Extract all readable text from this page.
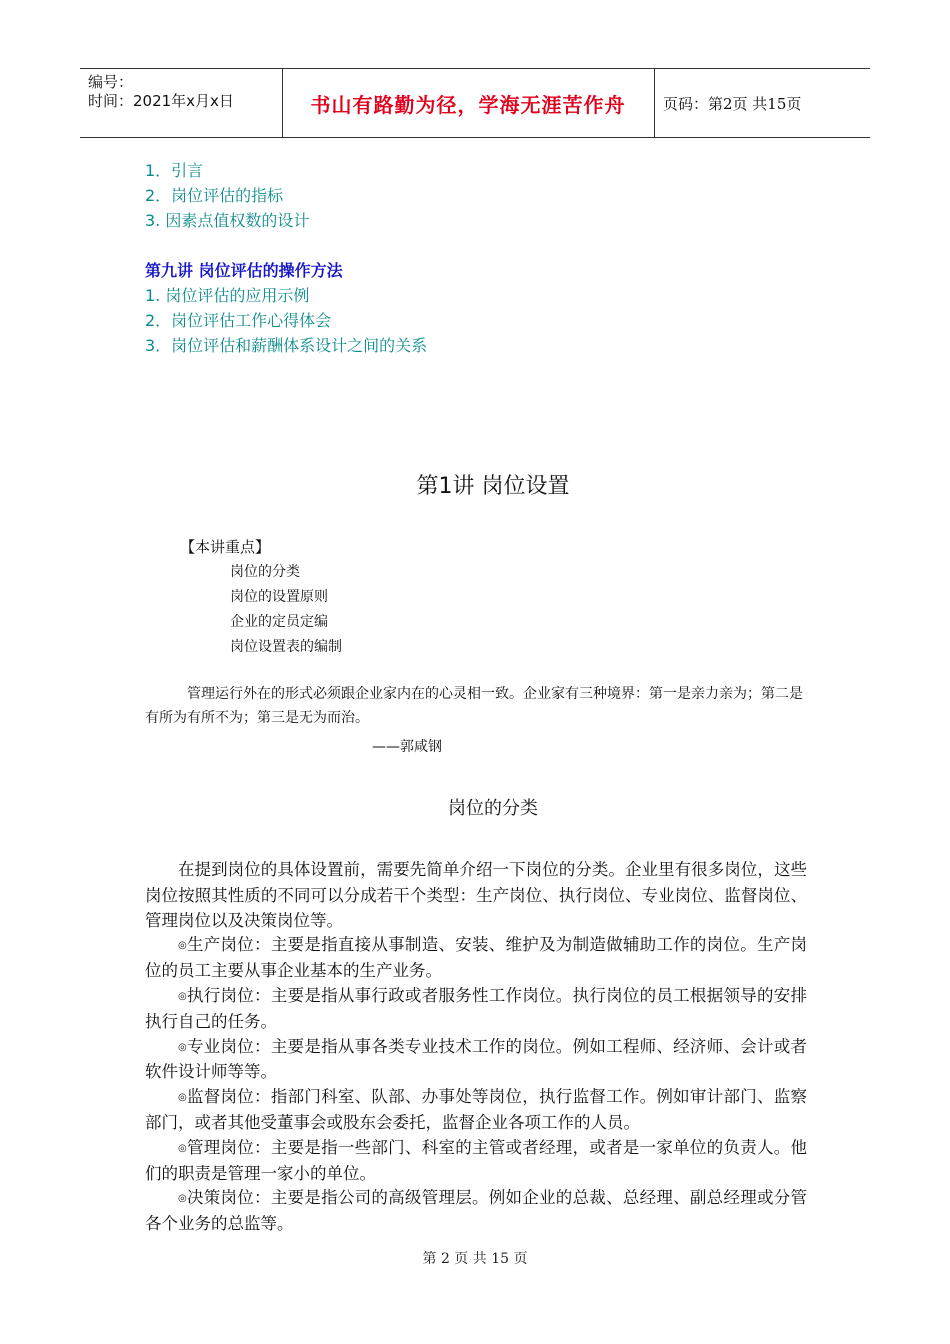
编号：
时间：2021年x月x日	书山有路勤为径，学海无涯苦作舟	页码：第2页 共15页
1．引言
2．岗位评估的指标
3. 因素点值权数的设计
第九讲 岗位评估的操作方法
1. 岗位评估的应用示例
2．岗位评估工作心得体会
3．岗位评估和薪酬体系设计之间的关系
第1讲 岗位设置
【本讲重点】
岗位的分类
岗位的设置原则
企业的定员定编
岗位设置表的编制

管理运行外在的形式必须跟企业家内在的心灵相一致。企业家有三种境界：第一是亲力亲为；第二是有所为有所不为；第三是无为而治。

——郭咸钢
岗位的分类

在提到岗位的具体设置前，需要先简单介绍一下岗位的分类。企业里有很多岗位，这些岗位按照其性质的不同可以分成若干个类型：生产岗位、执行岗位、专业岗位、监督岗位、管理岗位以及决策岗位等。

◎生产岗位：主要是指直接从事制造、安装、维护及为制造做辅助工作的岗位。生产岗位的员工主要从事企业基本的生产业务。

◎执行岗位：主要是指从事行政或者服务性工作岗位。执行岗位的员工根据领导的安排执行自己的任务。

◎专业岗位：主要是指从事各类专业技术工作的岗位。例如工程师、经济师、会计或者软件设计师等等。

◎监督岗位：指部门科室、队部、办事处等岗位，执行监督工作。例如审计部门、监察部门，或者其他受董事会或股东会委托，监督企业各项工作的人员。

◎管理岗位：主要是指一些部门、科室的主管或者经理，或者是一家单位的负责人。他们的职责是管理一家小的单位。

◎决策岗位：主要是指公司的高级管理层。例如企业的总裁、总经理、副总经理或分管各个业务的总监等。

第 2 页 共 15 页
